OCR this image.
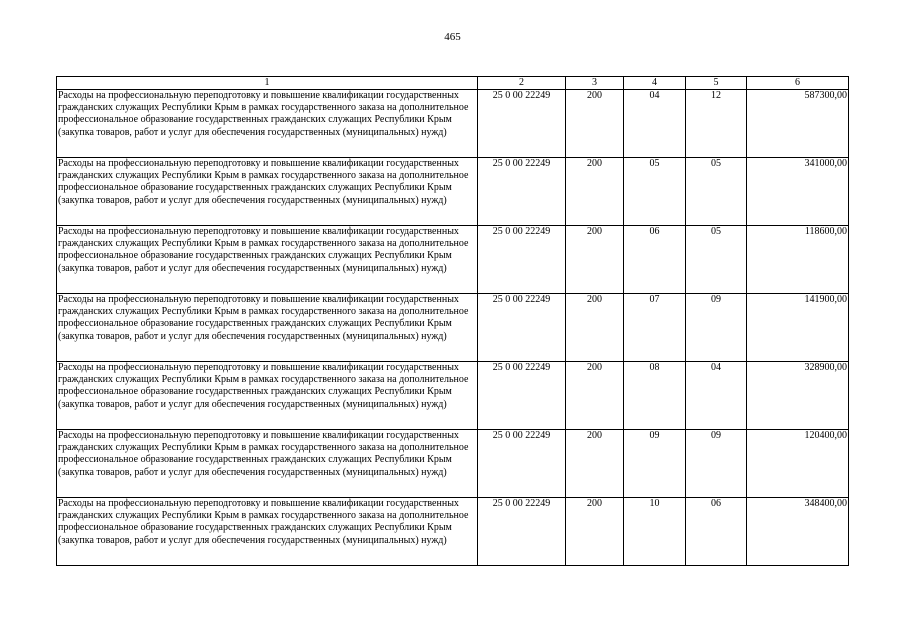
465
1	2	3	4	5	6
Расходы на профессиональную переподготовку и повышение квалификации государственных гражданских служащих Республики Крым в рамках государственного заказа на дополнительное профессиональное образование государственных гражданских служащих Республики Крым (закупка товаров, работ и услуг для обеспечения государственных (муниципальных) нужд)	25 0 00 22249	200	04	12	587300,00
Расходы на профессиональную переподготовку и повышение квалификации государственных гражданских служащих Республики Крым в рамках государственного заказа на дополнительное профессиональное образование государственных гражданских служащих Республики Крым (закупка товаров, работ и услуг для обеспечения государственных (муниципальных) нужд)	25 0 00 22249	200	05	05	341000,00
Расходы на профессиональную переподготовку и повышение квалификации государственных гражданских служащих Республики Крым в рамках государственного заказа на дополнительное профессиональное образование государственных гражданских служащих Республики Крым (закупка товаров, работ и услуг для обеспечения государственных (муниципальных) нужд)	25 0 00 22249	200	06	05	118600,00
Расходы на профессиональную переподготовку и повышение квалификации государственных гражданских служащих Республики Крым в рамках государственного заказа на дополнительное профессиональное образование государственных гражданских служащих Республики Крым (закупка товаров, работ и услуг для обеспечения государственных (муниципальных) нужд)	25 0 00 22249	200	07	09	141900,00
Расходы на профессиональную переподготовку и повышение квалификации государственных гражданских служащих Республики Крым в рамках государственного заказа на дополнительное профессиональное образование государственных гражданских служащих Республики Крым (закупка товаров, работ и услуг для обеспечения государственных (муниципальных) нужд)	25 0 00 22249	200	08	04	328900,00
Расходы на профессиональную переподготовку и повышение квалификации государственных гражданских служащих Республики Крым в рамках государственного заказа на дополнительное профессиональное образование государственных гражданских служащих Республики Крым (закупка товаров, работ и услуг для обеспечения государственных (муниципальных) нужд)	25 0 00 22249	200	09	09	120400,00
Расходы на профессиональную переподготовку и повышение квалификации государственных гражданских служащих Республики Крым в рамках государственного заказа на дополнительное профессиональное образование государственных гражданских служащих Республики Крым (закупка товаров, работ и услуг для обеспечения государственных (муниципальных) нужд)	25 0 00 22249	200	10	06	348400,00
